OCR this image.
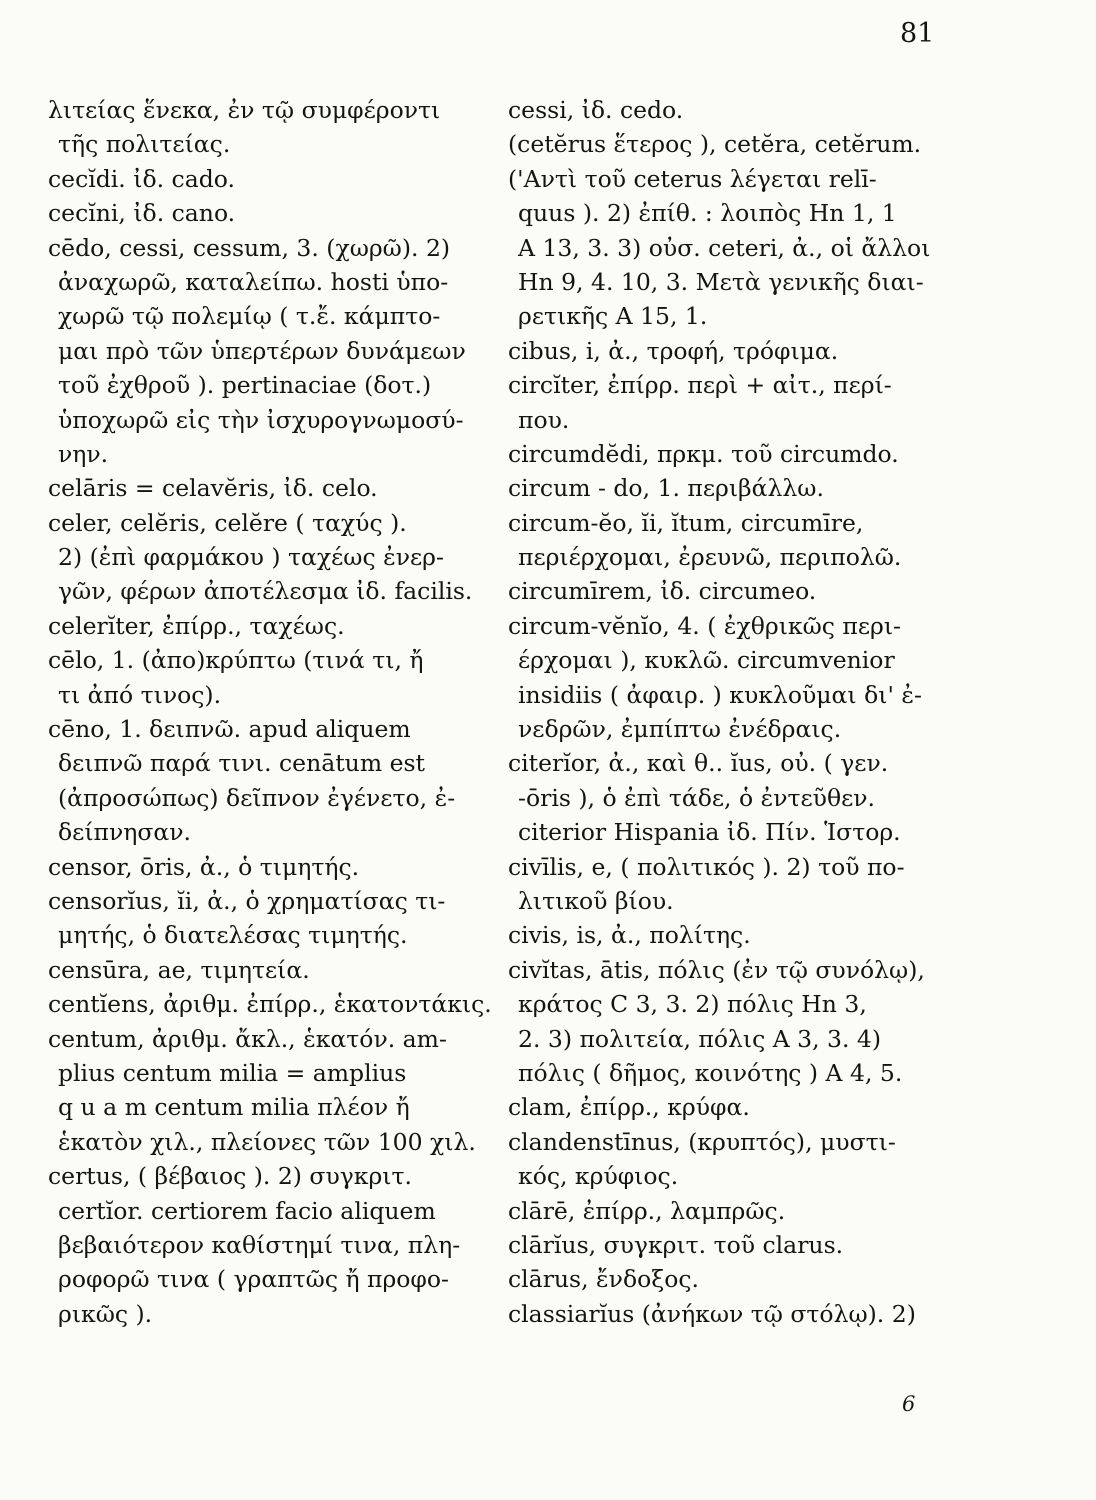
81
λιτείας ἕνεκα, ἐν τῷ συμφέροντι
τῆς πολιτείας.
cecĭdi. ἰδ. cado.
cecĭni, ἰδ. cano.
cēdo, cessi, cessum, 3. (χωρῶ). 2)
ἀναχωρῶ, καταλείπω. hosti ὑπο-
χωρῶ τῷ πολεμίῳ ( τ.ἔ. κάμπτο-
μαι πρὸ τῶν ὑπερτέρων δυνάμεων
τοῦ ἐχθροῦ ). pertinaciae (δοτ.)
ὑποχωρῶ εἰς τὴν ἰσχυρογνωμοσύ-
νην.
celāris = celavĕris, ἰδ. celo.
celer, celĕris, celĕre ( ταχύς ).
2) (ἐπὶ φαρμάκου ) ταχέως ἐνερ-
γῶν, φέρων ἀποτέλεσμα ἰδ. facilis.
celerĭter, ἐπίρρ., ταχέως.
cēlo, 1. (ἀπο)κρύπτω (τινά τι, ἤ
τι ἀπό τινος).
cēno, 1. δειπνῶ. apud aliquem
δειπνῶ παρά τινι. cenātum est
(ἀπροσώπως) δεῖπνον ἐγένετο, ἐ-
δείπνησαν.
censor, ōris, ἀ., ὁ τιμητής.
censorĭus, ĭi, ἀ., ὁ χρηματίσας τι-
μητής, ὁ διατελέσας τιμητής.
censūra, ae, τιμητεία.
centĭens, ἀριθμ. ἐπίρρ., ἑκατοντάκις.
centum, ἀριθμ. ἄκλ., ἑκατόν. am-
plius centum milia = amplius
q u a m centum milia πλέον ἤ
ἑκατὸν χιλ., πλείονες τῶν 100 χιλ.
certus, ( βέβαιος ). 2) συγκριτ.
certĭor. certiorem facio aliquem
βεβαιότερον καθίστημί τινα, πλη-
ροφορῶ τινα ( γραπτῶς ἤ προφο-
ρικῶς ).
cessi, ἰδ. cedo.
(cetĕrus ἕτερος ), cetĕra, cetĕrum.
('Αντὶ τοῦ ceterus λέγεται relī-
quus ). 2) ἐπίθ. : λοιπὸς Hn 1, 1
A 13, 3. 3) οὐσ. ceteri, ἀ., οἱ ἄλλοι
Hn 9, 4. 10, 3. Μετὰ γενικῆς διαι-
ρετικῆς A 15, 1.
cibus, i, ἀ., τροφή, τρόφιμα.
circĭter, ἐπίρρ. περὶ + αἰτ., περί-
που.
circumdĕdi, πρκμ. τοῦ circumdo.
circum - do, 1. περιβάλλω.
circum-ĕo, ĭi, ĭtum, circumīre,
περιέρχομαι, ἐρευνῶ, περιπολῶ.
circumīrem, ἰδ. circumeo.
circum-vĕnĭo, 4. ( ἐχθρικῶς περι-
έρχομαι ), κυκλῶ. circumvenior
insidiis ( ἀφαιρ. ) κυκλοῦμαι δι' ἐ-
νεδρῶν, ἐμπίπτω ἐνέδραις.
citerĭor, ἀ., καὶ θ.. ĭus, οὐ. ( γεν.
-ōris ), ὁ ἐπὶ τάδε, ὁ ἐντεῦθεν.
citerior Hispania ἰδ. Πίν. Ἱστορ.
civīlis, e, ( πολιτικός ). 2) τοῦ πο-
λιτικοῦ βίου.
civis, is, ἀ., πολίτης.
civĭtas, ātis, πόλις (ἐν τῷ συνόλῳ),
κράτος C 3, 3. 2) πόλις Hn 3,
2. 3) πολιτεία, πόλις A 3, 3. 4)
πόλις ( δῆμος, κοινότης ) A 4, 5.
clam, ἐπίρρ., κρύφα.
clandenstīnus, (κρυπτός), μυστι-
κός, κρύφιος.
clārē, ἐπίρρ., λαμπρῶς.
clārĭus, συγκριτ. τοῦ clarus.
clārus, ἔνδοξος.
classiarĭus (ἀνήκων τῷ στόλῳ). 2)
6
